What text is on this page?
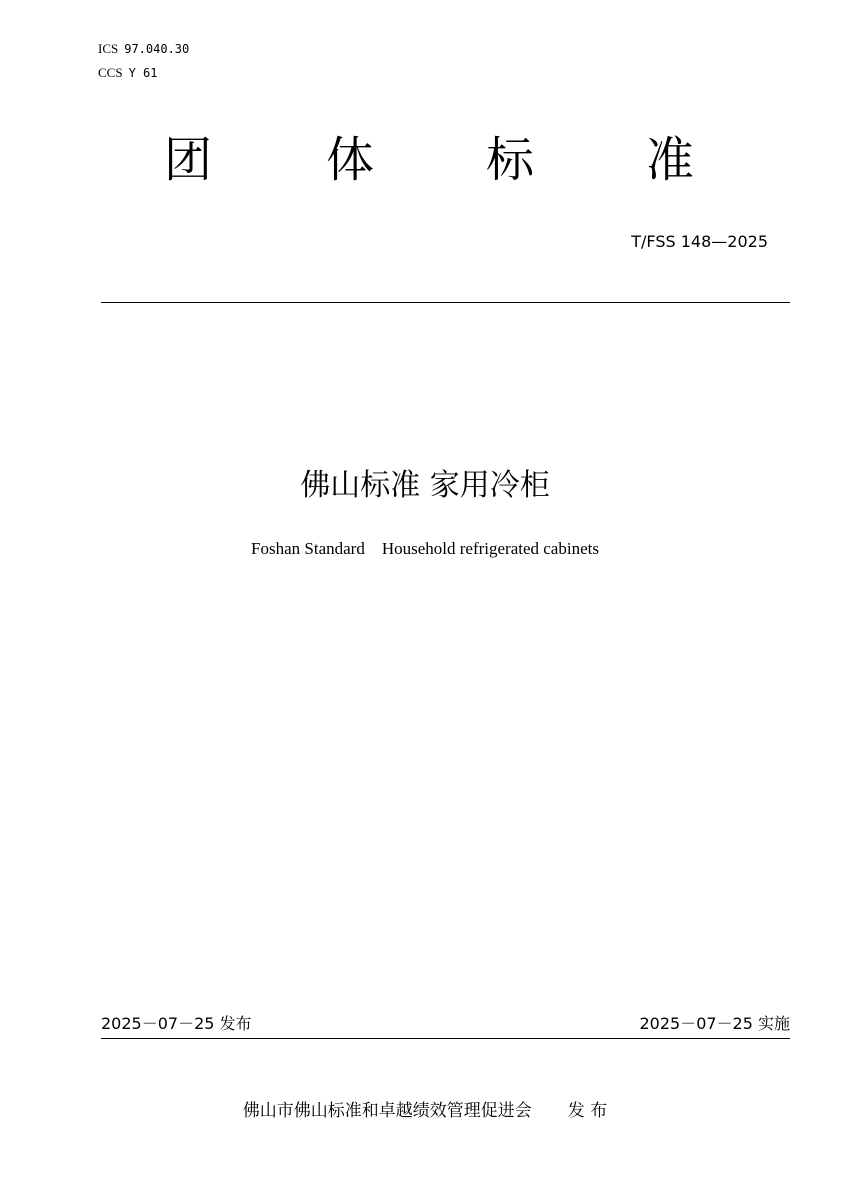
ICS 97.040.30
CCS Y 61
团 体 标 准
T/FSS 148—2025
佛山标准 家用冷柜
Foshan Standard    Household refrigerated cabinets
2025－07－25 发布	2025－07－25 实施
佛山市佛山标准和卓越绩效管理促进会 发 布
